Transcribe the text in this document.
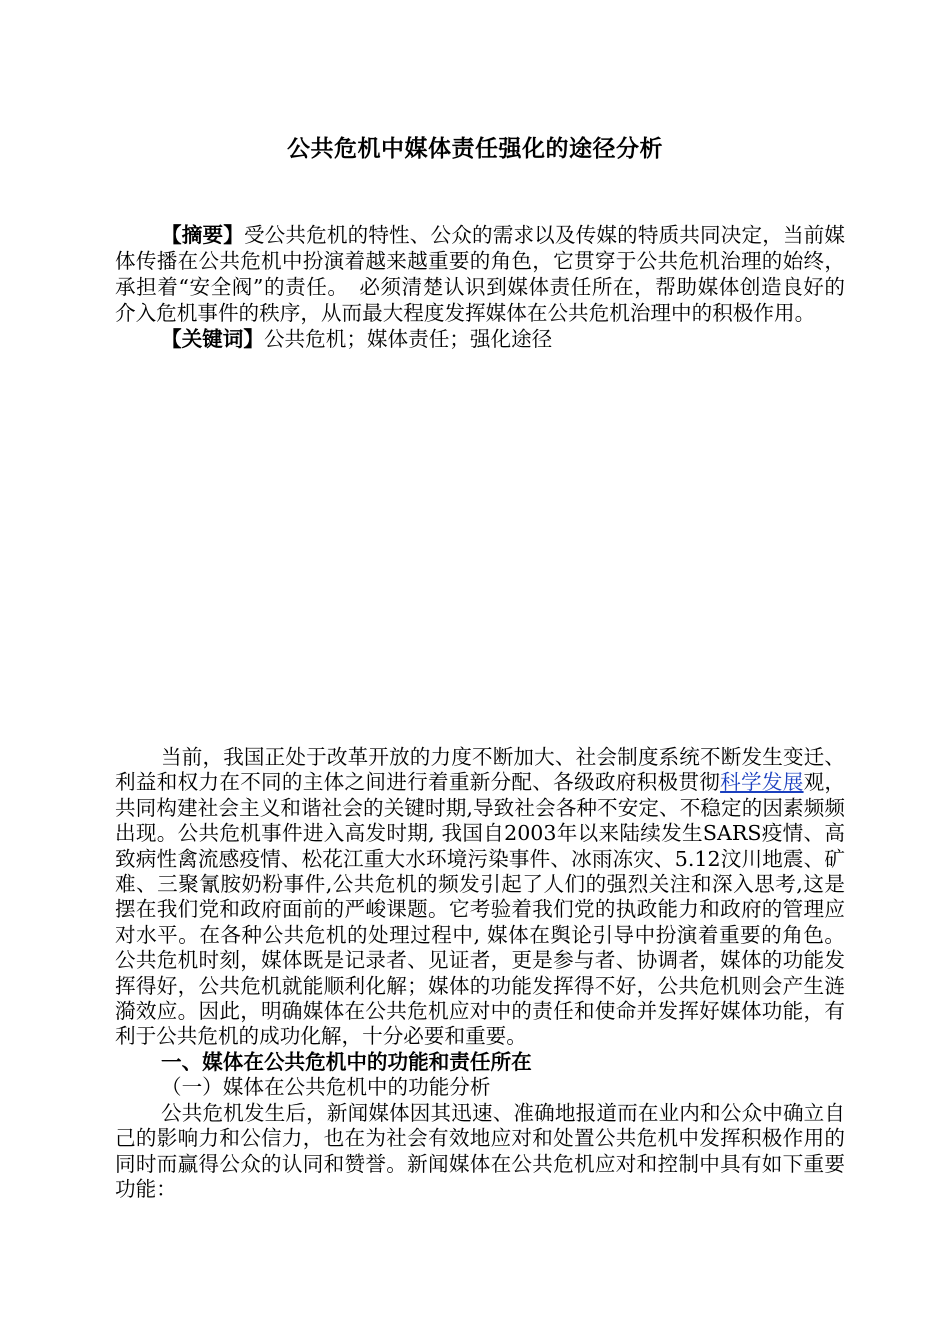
公共危机中媒体责任强化的途径分析

【摘要】受公共危机的特性、公众的需求以及传媒的特质共同决定，当前媒体传播在公共危机中扮演着越来越重要的角色，它贯穿于公共危机治理的始终，承担着“安全阀”的责任。　必须清楚认识到媒体责任所在，帮助媒体创造良好的介入危机事件的秩序，从而最大程度发挥媒体在公共危机治理中的积极作用。

【关键词】公共危机；媒体责任；强化途径

当前，我国正处于改革开放的力度不断加大、社会制度系统不断发生变迁、利益和权力在不同的主体之间进行着重新分配、各级政府积极贯彻科学发展观，共同构建社会主义和谐社会的关键时期,导致社会各种不安定、不稳定的因素频频出现。公共危机事件进入高发时期, 我国自2003年以来陆续发生SARS疫情、高致病性禽流感疫情、松花江重大水环境污染事件、冰雨冻灾、5.12汶川地震、矿难、三聚氰胺奶粉事件,公共危机的频发引起了人们的强烈关注和深入思考,这是摆在我们党和政府面前的严峻课题。它考验着我们党的执政能力和政府的管理应对水平。在各种公共危机的处理过程中, 媒体在舆论引导中扮演着重要的角色。公共危机时刻，媒体既是记录者、见证者，更是参与者、协调者，媒体的功能发挥得好，公共危机就能顺利化解；媒体的功能发挥得不好，公共危机则会产生涟漪效应。因此，明确媒体在公共危机应对中的责任和使命并发挥好媒体功能，有利于公共危机的成功化解，十分必要和重要。

一、媒体在公共危机中的功能和责任所在

（一）媒体在公共危机中的功能分析

公共危机发生后，新闻媒体因其迅速、准确地报道而在业内和公众中确立自己的影响力和公信力，也在为社会有效地应对和处置公共危机中发挥积极作用的同时而赢得公众的认同和赞誉。新闻媒体在公共危机应对和控制中具有如下重要功能：
